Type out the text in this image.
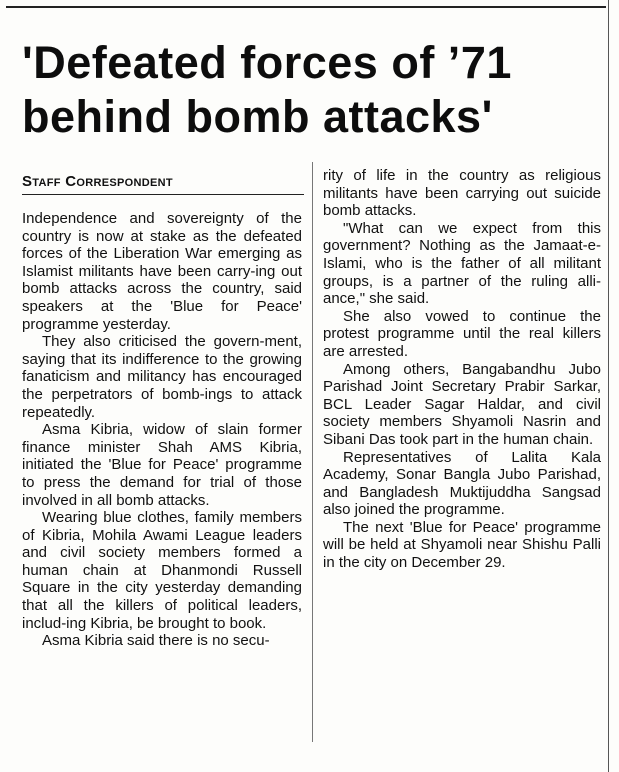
'Defeated forces of ’71
behind bomb attacks'
Staff Correspondent

Independence and sovereignty of the country is now at stake as the defeated forces of the Liberation War emerging as Islamist militants have been carry-ing out bomb attacks across the country, said speakers at the 'Blue for Peace' programme yesterday.

They also criticised the govern-ment, saying that its indifference to the growing fanaticism and militancy has encouraged the perpetrators of bomb-ings to attack repeatedly.

Asma Kibria, widow of slain former finance minister Shah AMS Kibria, initiated the 'Blue for Peace' programme to press the demand for trial of those involved in all bomb attacks.

Wearing blue clothes, family members of Kibria, Mohila Awami League leaders and civil society members formed a human chain at Dhanmondi Russell Square in the city yesterday demanding that all the killers of political leaders, includ-ing Kibria, be brought to book.

Asma Kibria said there is no secu-

rity of life in the country as religious militants have been carrying out suicide bomb attacks.

"What can we expect from this government? Nothing as the Jamaat-e-Islami, who is the father of all militant groups, is a partner of the ruling alli-ance," she said.

She also vowed to continue the protest programme until the real killers are arrested.

Among others, Bangabandhu Jubo Parishad Joint Secretary Prabir Sarkar, BCL Leader Sagar Haldar, and civil society members Shyamoli Nasrin and Sibani Das took part in the human chain.

Representatives of Lalita Kala Academy, Sonar Bangla Jubo Parishad, and Bangladesh Muktijuddha Sangsad also joined the programme.

The next 'Blue for Peace' programme will be held at Shyamoli near Shishu Palli in the city on December 29.
